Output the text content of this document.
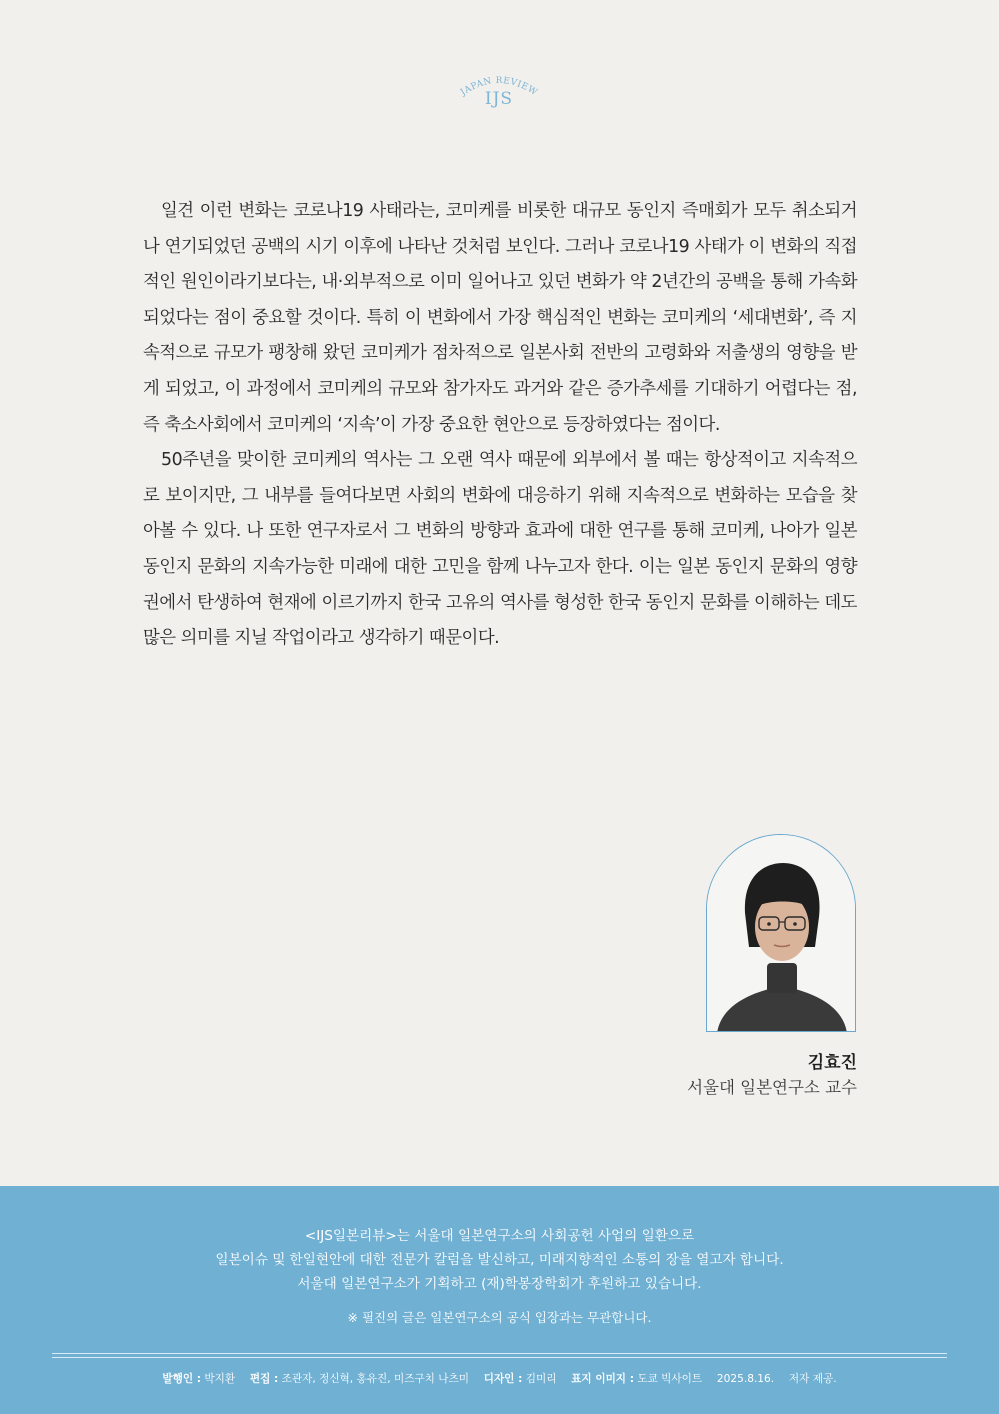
JAPAN REVIEW
IJS

일견 이런 변화는 코로나19 사태라는, 코미케를 비롯한 대규모 동인지 즉매회가 모두 취소되거나 연기되었던 공백의 시기 이후에 나타난 것처럼 보인다. 그러나 코로나19 사태가 이 변화의 직접적인 원인이라기보다는, 내·외부적으로 이미 일어나고 있던 변화가 약 2년간의 공백을 통해 가속화되었다는 점이 중요할 것이다. 특히 이 변화에서 가장 핵심적인 변화는 코미케의 ‘세대변화’, 즉 지속적으로 규모가 팽창해 왔던 코미케가 점차적으로 일본사회 전반의 고령화와 저출생의 영향을 받게 되었고, 이 과정에서 코미케의 규모와 참가자도 과거와 같은 증가추세를 기대하기 어렵다는 점, 즉 축소사회에서 코미케의 ‘지속’이 가장 중요한 현안으로 등장하였다는 점이다.

50주년을 맞이한 코미케의 역사는 그 오랜 역사 때문에 외부에서 볼 때는 항상적이고 지속적으로 보이지만, 그 내부를 들여다보면 사회의 변화에 대응하기 위해 지속적으로 변화하는 모습을 찾아볼 수 있다. 나 또한 연구자로서 그 변화의 방향과 효과에 대한 연구를 통해 코미케, 나아가 일본 동인지 문화의 지속가능한 미래에 대한 고민을 함께 나누고자 한다. 이는 일본 동인지 문화의 영향권에서 탄생하여 현재에 이르기까지 한국 고유의 역사를 형성한 한국 동인지 문화를 이해하는 데도 많은 의미를 지닐 작업이라고 생각하기 때문이다.

김효진
서울대 일본연구소 교수
<IJS일본리뷰>는 서울대 일본연구소의 사회공헌 사업의 일환으로
일본이슈 및 한일현안에 대한 전문가 칼럼을 발신하고, 미래지향적인 소통의 장을 열고자 합니다.
서울대 일본연구소가 기획하고 (재)학봉장학회가 후원하고 있습니다.
※ 필진의 글은 일본연구소의 공식 입장과는 무관합니다.
발행인 : 박지환 편집 : 조관자, 정신혁, 홍유진, 미즈구치 나츠미 디자인 : 김미리 표지 이미지 : 도쿄 빅사이트 2025.8.16. 저자 제공.
